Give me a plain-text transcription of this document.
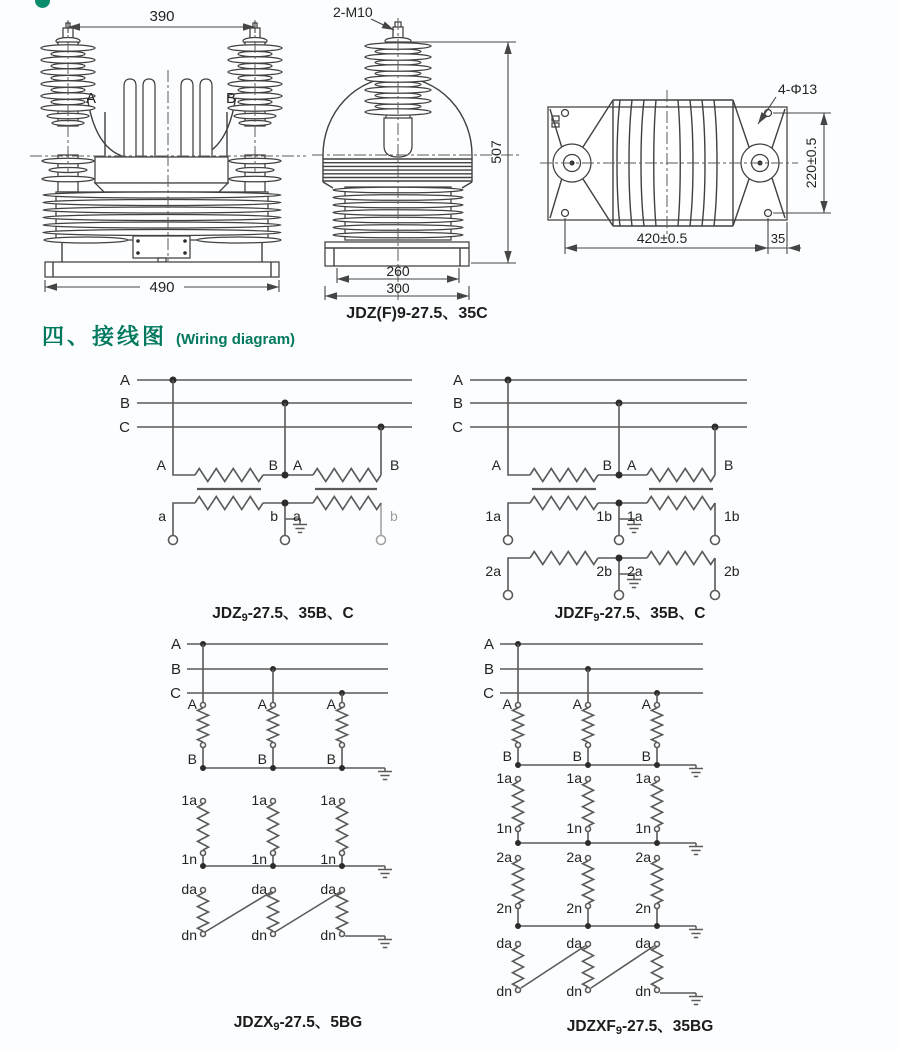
390
490
A	B
2-M10
507
260
300
JDZ(F)9-27.5、35C
4-Φ13
220±0.5
420±0.5	35
四、接线图 (Wiring diagram)
A
B
C
A	B A	B
a	b a	b
JDZ9-27.5、35B、C
A
B
C
A	B A	B
1a	1b 1a	1b
2a	2b 2a	2b
JDZF9-27.5、35B、C
A
B
C
A	A	A
B	B	B
1a	1a	1a
1n	1n	1n
da	da	da
dn	dn	dn
JDZX9-27.5、5BG
A
B
C
A	A	A
B	B	B
1a	1a	1a
1n	1n	1n
2a	2a	2a
2n	2n	2n
da	da	da
dn	dn	dn
JDZXF9-27.5、35BG
